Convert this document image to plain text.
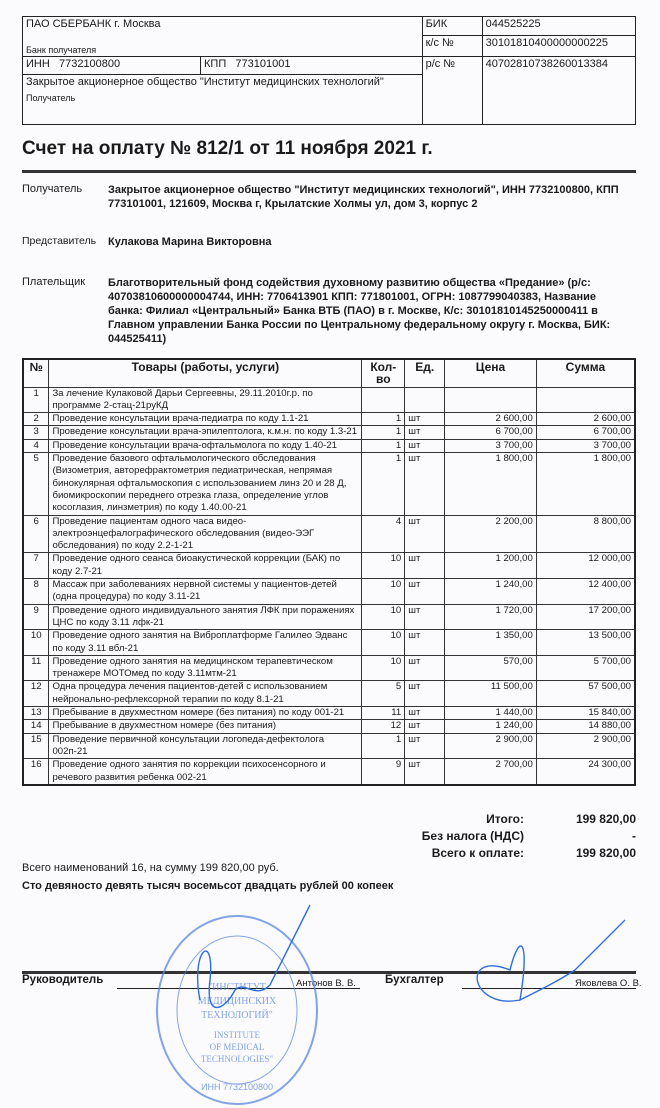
ПАО СБЕРБАНК г. Москва
Банк получателя		БИК	044525225
		к/с №	30101810400000000225
ИНН 7732100800	КПП 773101001	р/с №	40702810738260013384

Закрытое акционерное общество "Институт медицинских технологий"
Получатель			
Счет на оплату № 812/1 от 11 ноября 2021 г.
Получатель Закрытое акционерное общество "Институт медицинских технологий", ИНН 7732100800, КПП 773101001, 121609, Москва г, Крылатские Холмы ул, дом 3, корпус 2
Представитель Кулакова Марина Викторовна
Плательщик Благотворительный фонд содействия духовному развитию общества «Предание» (р/с: 40703810600000004744, ИНН: 7706413901 КПП: 771801001, ОГРН: 1087799040383, Название банка: Филиал «Центральный» Банка ВТБ (ПАО) в г. Москве, К/с: 30101810145250000411 в Главном управлении Банка России по Центральному федеральному округу г. Москва, БИК: 044525411)
№	Товары (работы, услуги)	Кол-во	Ед.	Цена	Сумма
1	За лечение Кулаковой Дарьи Сергеевны, 29.11.2010г.р. по программе 2-стац-21руКД				
2	Проведение консультации врача-педиатра по коду 1.1-21	1	шт	2 600,00	2 600,00
3	Проведение консультации врача-эпилептолога, к.м.н. по коду 1.3-21	1	шт	6 700,00	6 700,00
4	Проведение консультации врача-офтальмолога по коду 1.40-21	1	шт	3 700,00	3 700,00
5	Проведение базового офтальмологического обследования (Визометрия, авторефрактометрия педиатрическая, непрямая бинокулярная офтальмоскопия с использованием линз 20 и 28 Д, биомикроскопии переднего отрезка глаза, определение углов косоглазия, линзметрия) по коду 1.40.00-21	1	шт	1 800,00	1 800,00
6	Проведение пациентам одного часа видео-электроэнцефалографического обследования (видео-ЭЭГ обследования) по коду 2.2-1-21	4	шт	2 200,00	8 800,00
7	Проведение одного сеанса биоакустической коррекции (БАК) по коду 2.7-21	10	шт	1 200,00	12 000,00
8	Массаж при заболеваниях нервной системы у пациентов-детей (одна процедура) по коду 3.11-21	10	шт	1 240,00	12 400,00
9	Проведение одного индивидуального занятия ЛФК при поражениях ЦНС по коду 3.11 лфк-21	10	шт	1 720,00	17 200,00
10	Проведение одного занятия на Виброплатформе Галилео Эдванс по коду 3.11 вбл-21	10	шт	1 350,00	13 500,00
11	Проведение одного занятия на медицинском терапевтическом тренажере МОТОмед по коду 3.11мтм-21	10	шт	570,00	5 700,00
12	Одна процедура лечения пациентов-детей с использованием нейронально-рефлексорной терапии по коду 8.1-21	5	шт	11 500,00	57 500,00
13	Пребывание в двухместном номере (без питания) по коду 001-21	11	шт	1 440,00	15 840,00
14	Пребывание в двухместном номере (без питания)	12	шт	1 240,00	14 880,00
15	Проведение первичной консультации логопеда-дефектолога 002п-21	1	шт	2 900,00	2 900,00
16	Проведение одного занятия по коррекции психосенсорного и речевого развития ребенка 002-21	9	шт	2 700,00	24 300,00
Итого:	199 820,00
Без налога (НДС)	-
Всего к оплате:	199 820,00
Всего наименований 16, на сумму 199 820,00 руб.
Сто девяносто девять тысяч восемьсот двадцать рублей 00 копеек
Руководитель	Антонов В. В.	Бухгалтер	Яковлева О. В.
"ИНСТИТУТ
МЕДИЦИНСКИХ
ТЕХНОЛОГИЙ"
INSTITUTE
OF MEDICAL
TECHNOLOGIES"
ИНН 7732100800
